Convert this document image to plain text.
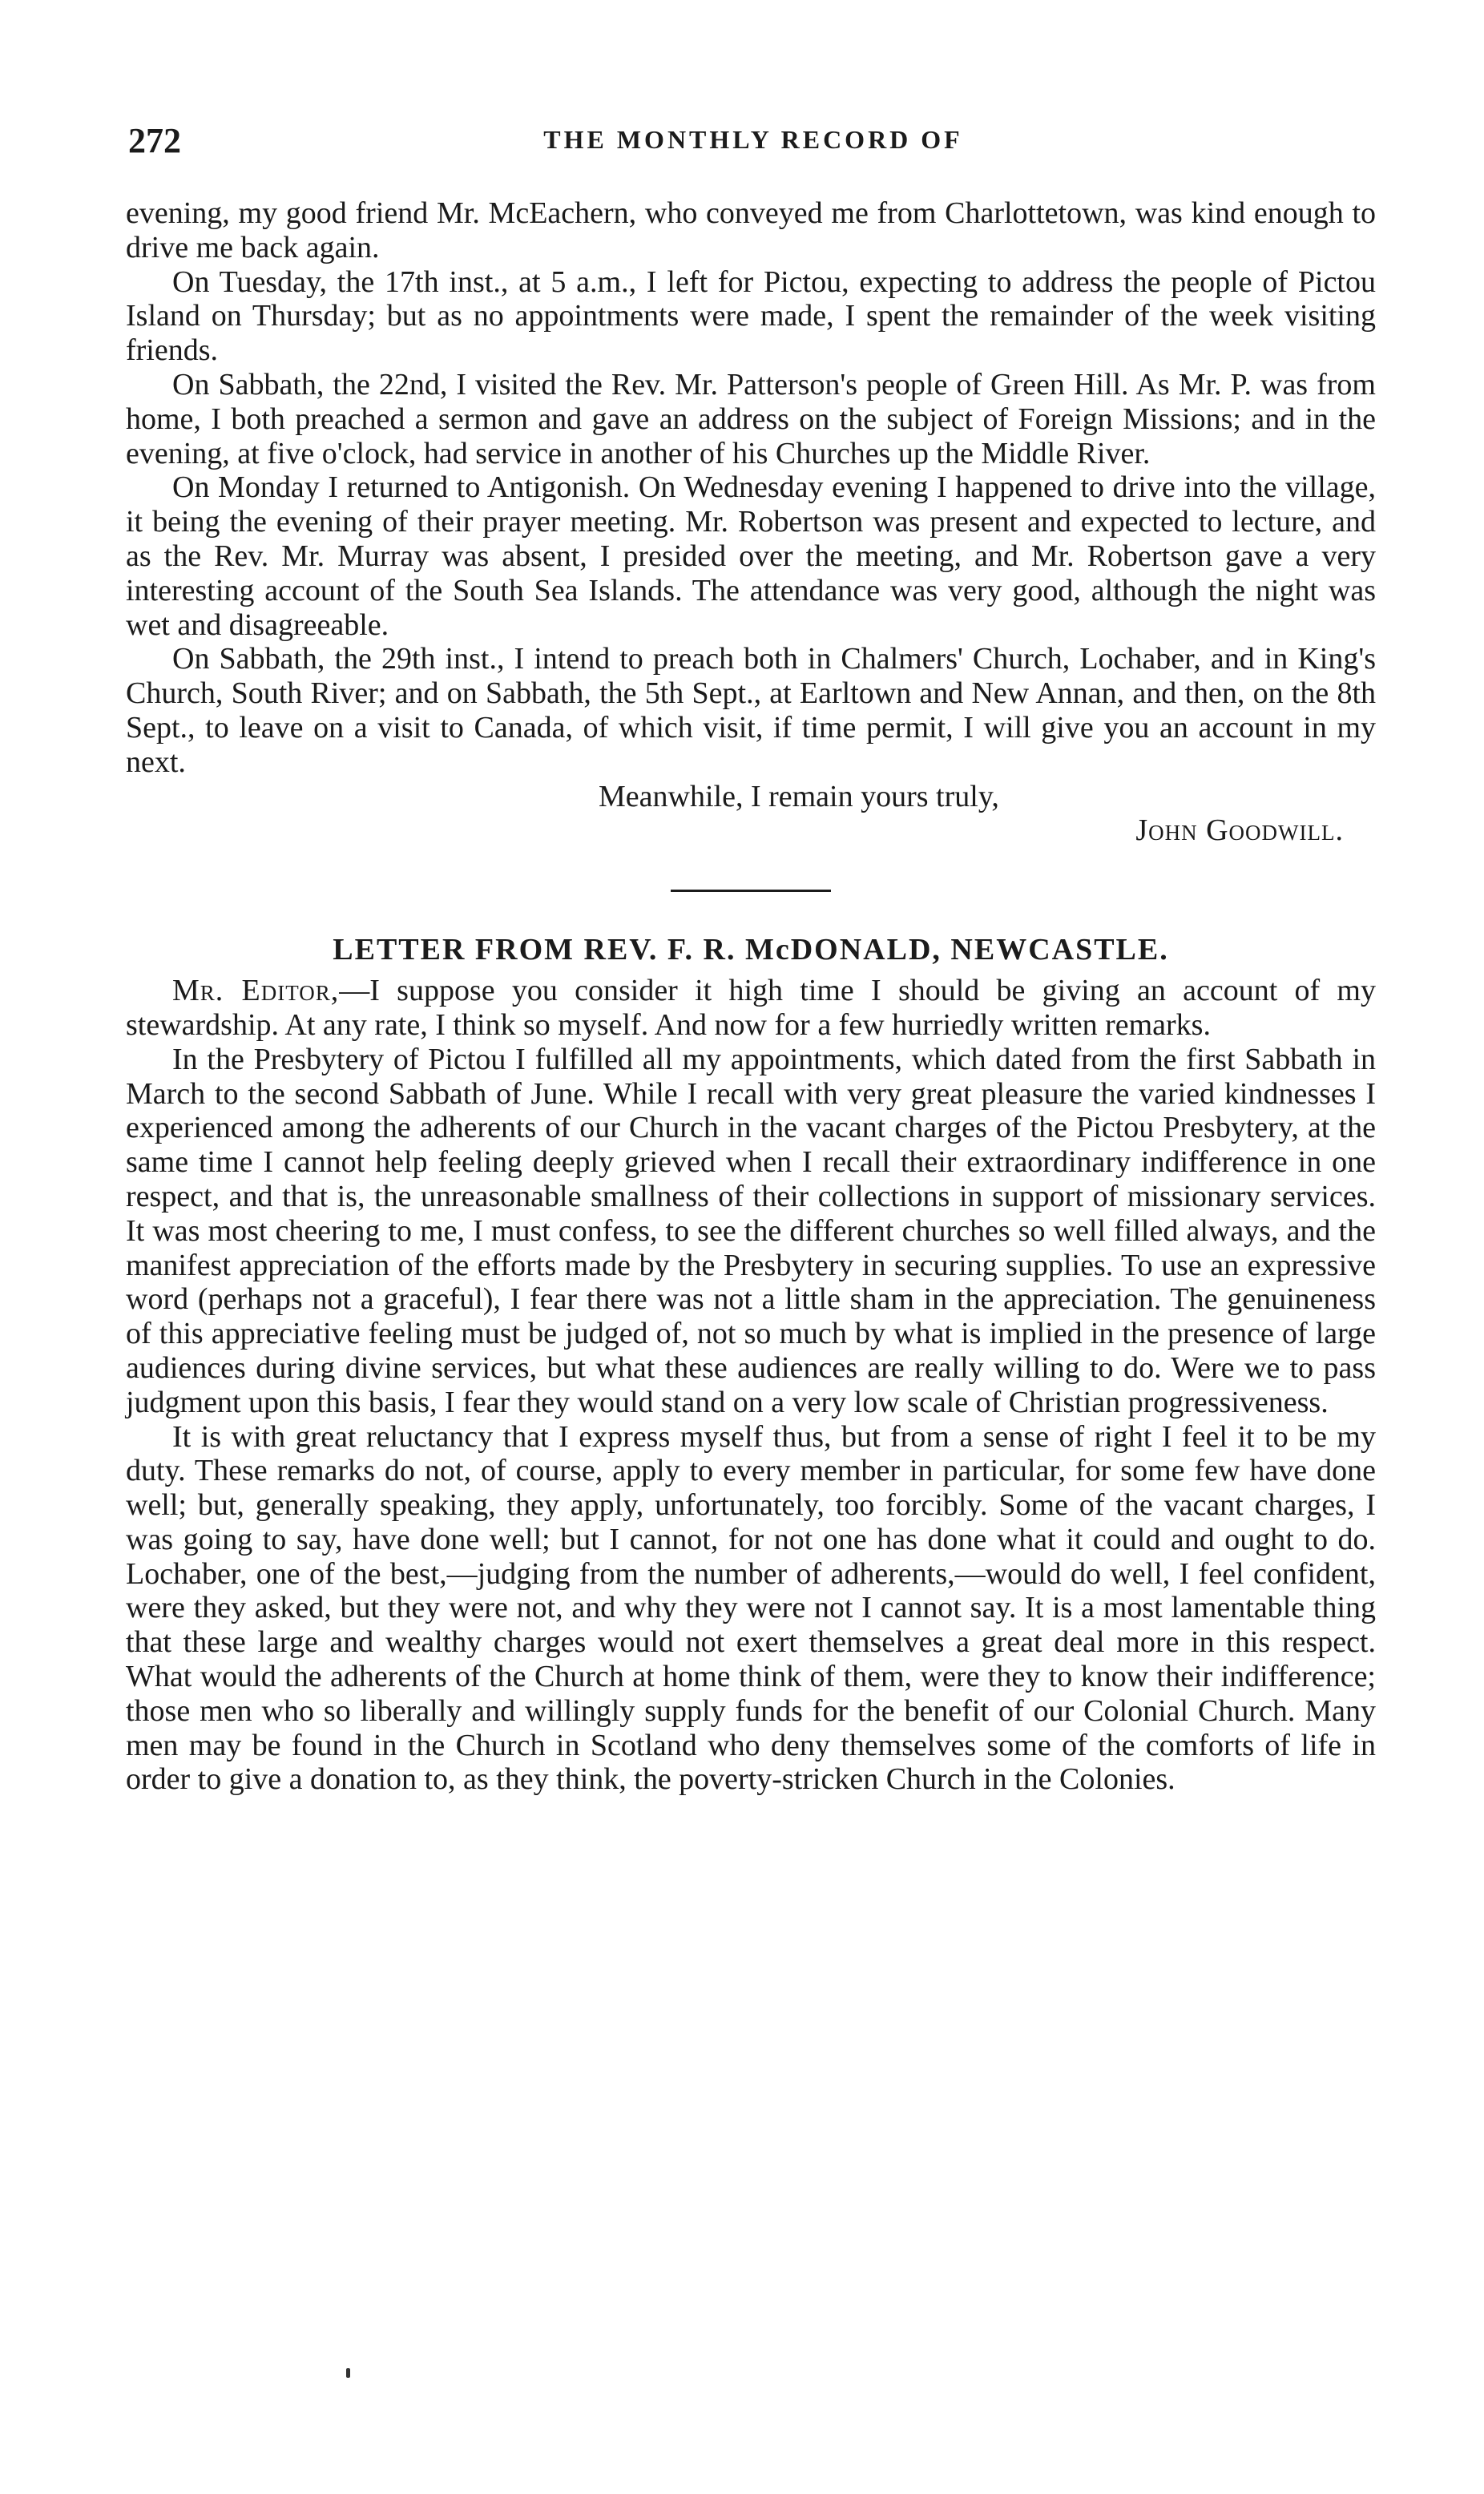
272	THE MONTHLY RECORD OF

evening, my good friend Mr. McEachern, who conveyed me from Charlottetown, was kind enough to drive me back again.

On Tuesday, the 17th inst., at 5 a.m., I left for Pictou, expecting to address the people of Pictou Island on Thursday; but as no appointments were made, I spent the remainder of the week visiting friends.

On Sabbath, the 22nd, I visited the Rev. Mr. Patterson's people of Green Hill. As Mr. P. was from home, I both preached a sermon and gave an address on the subject of Foreign Missions; and in the evening, at five o'clock, had service in another of his Churches up the Middle River.

On Monday I returned to Antigonish. On Wednesday evening I happened to drive into the village, it being the evening of their prayer meeting. Mr. Robertson was present and expected to lecture, and as the Rev. Mr. Murray was absent, I presided over the meeting, and Mr. Robertson gave a very interesting account of the South Sea Islands. The attendance was very good, although the night was wet and disagreeable.

On Sabbath, the 29th inst., I intend to preach both in Chalmers' Church, Lochaber, and in King's Church, South River; and on Sabbath, the 5th Sept., at Earltown and New Annan, and then, on the 8th Sept., to leave on a visit to Canada, of which visit, if time permit, I will give you an account in my next.

Meanwhile, I remain yours truly,
John Goodwill.
LETTER FROM REV. F. R. McDONALD, NEWCASTLE.

Mr. Editor,—I suppose you consider it high time I should be giving an account of my stewardship. At any rate, I think so myself. And now for a few hurriedly written remarks.

In the Presbytery of Pictou I fulfilled all my appointments, which dated from the first Sabbath in March to the second Sabbath of June. While I recall with very great pleasure the varied kindnesses I experienced among the adherents of our Church in the vacant charges of the Pictou Presbytery, at the same time I cannot help feeling deeply grieved when I recall their extraordinary indifference in one respect, and that is, the unreasonable smallness of their collections in support of missionary services. It was most cheering to me, I must confess, to see the different churches so well filled always, and the manifest appreciation of the efforts made by the Presbytery in securing supplies. To use an expressive word (perhaps not a graceful), I fear there was not a little sham in the appreciation. The genuineness of this appreciative feeling must be judged of, not so much by what is implied in the presence of large audiences during divine services, but what these audiences are really willing to do. Were we to pass judgment upon this basis, I fear they would stand on a very low scale of Christian progressiveness.

It is with great reluctancy that I express myself thus, but from a sense of right I feel it to be my duty. These remarks do not, of course, apply to every member in particular, for some few have done well; but, generally speaking, they apply, unfortunately, too forcibly. Some of the vacant charges, I was going to say, have done well; but I cannot, for not one has done what it could and ought to do. Lochaber, one of the best,—judging from the number of adherents,—would do well, I feel confident, were they asked, but they were not, and why they were not I cannot say. It is a most lamentable thing that these large and wealthy charges would not exert themselves a great deal more in this respect. What would the adherents of the Church at home think of them, were they to know their indifference; those men who so liberally and willingly supply funds for the benefit of our Colonial Church. Many men may be found in the Church in Scotland who deny themselves some of the comforts of life in order to give a donation to, as they think, the poverty-stricken Church in the Colonies.
